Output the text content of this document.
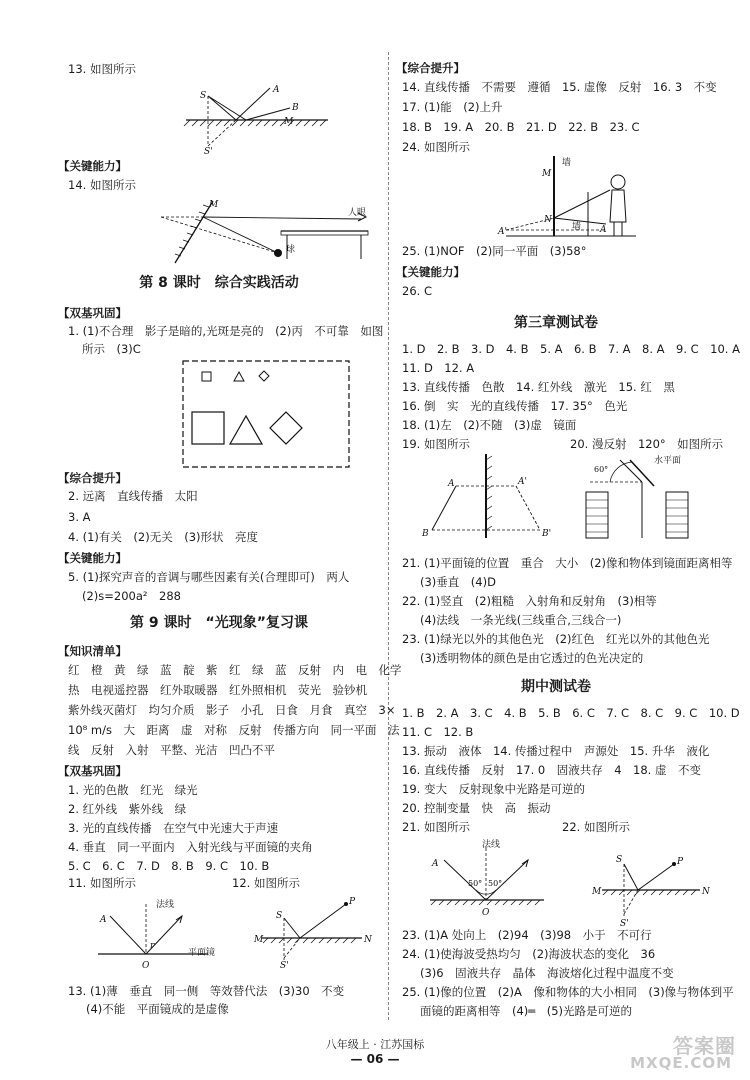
13. 如图所示
S
A
B
M
S'
【 关键能力 】
14. 如图所示
M
人眼
球
第 8 课时　综合实践活动
【 双基巩固 】
1. (1)不合理　影子是暗的,光斑是亮的　(2)丙　不可靠　如图
所示　(3)C
【 综合提升 】
2. 远离　直线传播　太阳
3. A
4. (1)有关　(2)无关　(3)形状　亮度
【 关键能力 】
5. (1)探究声音的音调与哪些因素有关(合理即可)　两人
(2)s=200a²　288
第 9 课时　“光现象”复习课
【 知识清单 】
红　橙　黄　绿　蓝　靛　紫　红　绿　蓝　反射　内　电　化学
热　电视遥控器　红外取暖器　红外照相机　荧光　验钞机
紫外线灭菌灯　均匀介质　影子　小孔　日食　月食　真空　3×
10⁸ m/s　大　距离　虚　对称　反射　传播方向　同一平面　法
线　反射　入射　平整、光洁　凹凸不平
【 双基巩固 】
1. 光的色散　红光　绿光
2. 红外线　紫外线　绿
3. 光的直线传播　在空气中光速大于声速
4. 垂直　同一平面内　入射光线与平面镜的夹角
5. C　6. C　7. D　8. B　9. C　10. B
11. 如图所示	12. 如图所示
A
O
r
法线
平面镜
S
P
M	N
S'
13. (1)薄　垂直　同一侧　等效替代法　(3)30　不变
(4)不能　平面镜成的是虚像
【 综合提升 】
14. 直线传播　不需要　遵循　15. 虚像　反射　16. 3　不变
17. (1)能　(2)上升
18. B　19. A　20. B　21. D　22. B　23. C
24. 如图所示
M
N
A'	A
墙
墙
25. (1)NOF　(2)同一平面　(3)58°
【 关键能力 】
26. C
第三章测试卷
1. D　2. B　3. D　4. B　5. A　6. B　7. A　8. A　9. C　10. A
11. D　12. A
13. 直线传播　色散　14. 红外线　激光　15. 红　黑
16. 倒　实　光的直线传播　17. 35°　色光
18. (1)左　(2)不随　(3)虚　镜面
19. 如图所示	20. 漫反射　120°　如图所示
A	A'
B	B'
60°
水平面
21. (1)平面镜的位置　重合　大小　(2)像和物体到镜面距离相等
(3)垂直　(4)D
22. (1)竖直　(2)粗糙　入射角和反射角　(3)相等
(4)法线　一条光线(三线重合,三线合一)
23. (1)绿光以外的其他色光　(2)红色　红光以外的其他色光
(3)透明物体的颜色是由它透过的色光决定的
期中测试卷
1. B　2. A　3. C　4. B　5. B　6. C　7. C　8. C　9. C　10. D
11. C　12. B
13. 振动　液体　14. 传播过程中　声源处　15. 升华　液化
16. 直线传播　反射　17. 0　固液共存　4　18. 虚　不变
19. 变大　反射现象中光路是可逆的
20. 控制变量　快　高　振动
21. 如图所示	22. 如图所示
A
O
50° 50°
法线
S	P
M	N
S'
23. (1)A 处向上　(2)94　(3)98　小于　不可行
24. (1)使海波受热均匀　(2)海波状态的变化　36
(3)6　固液共存　晶体　海波熔化过程中温度不变
25. (1)像的位置　(2)A　像和物体的大小相同　(3)像与物体到平
面镜的距离相等　(4)═　(5)光路是可逆的
八年级上 · 江苏国标
— 06 —
答案圈
MXQE.COM
